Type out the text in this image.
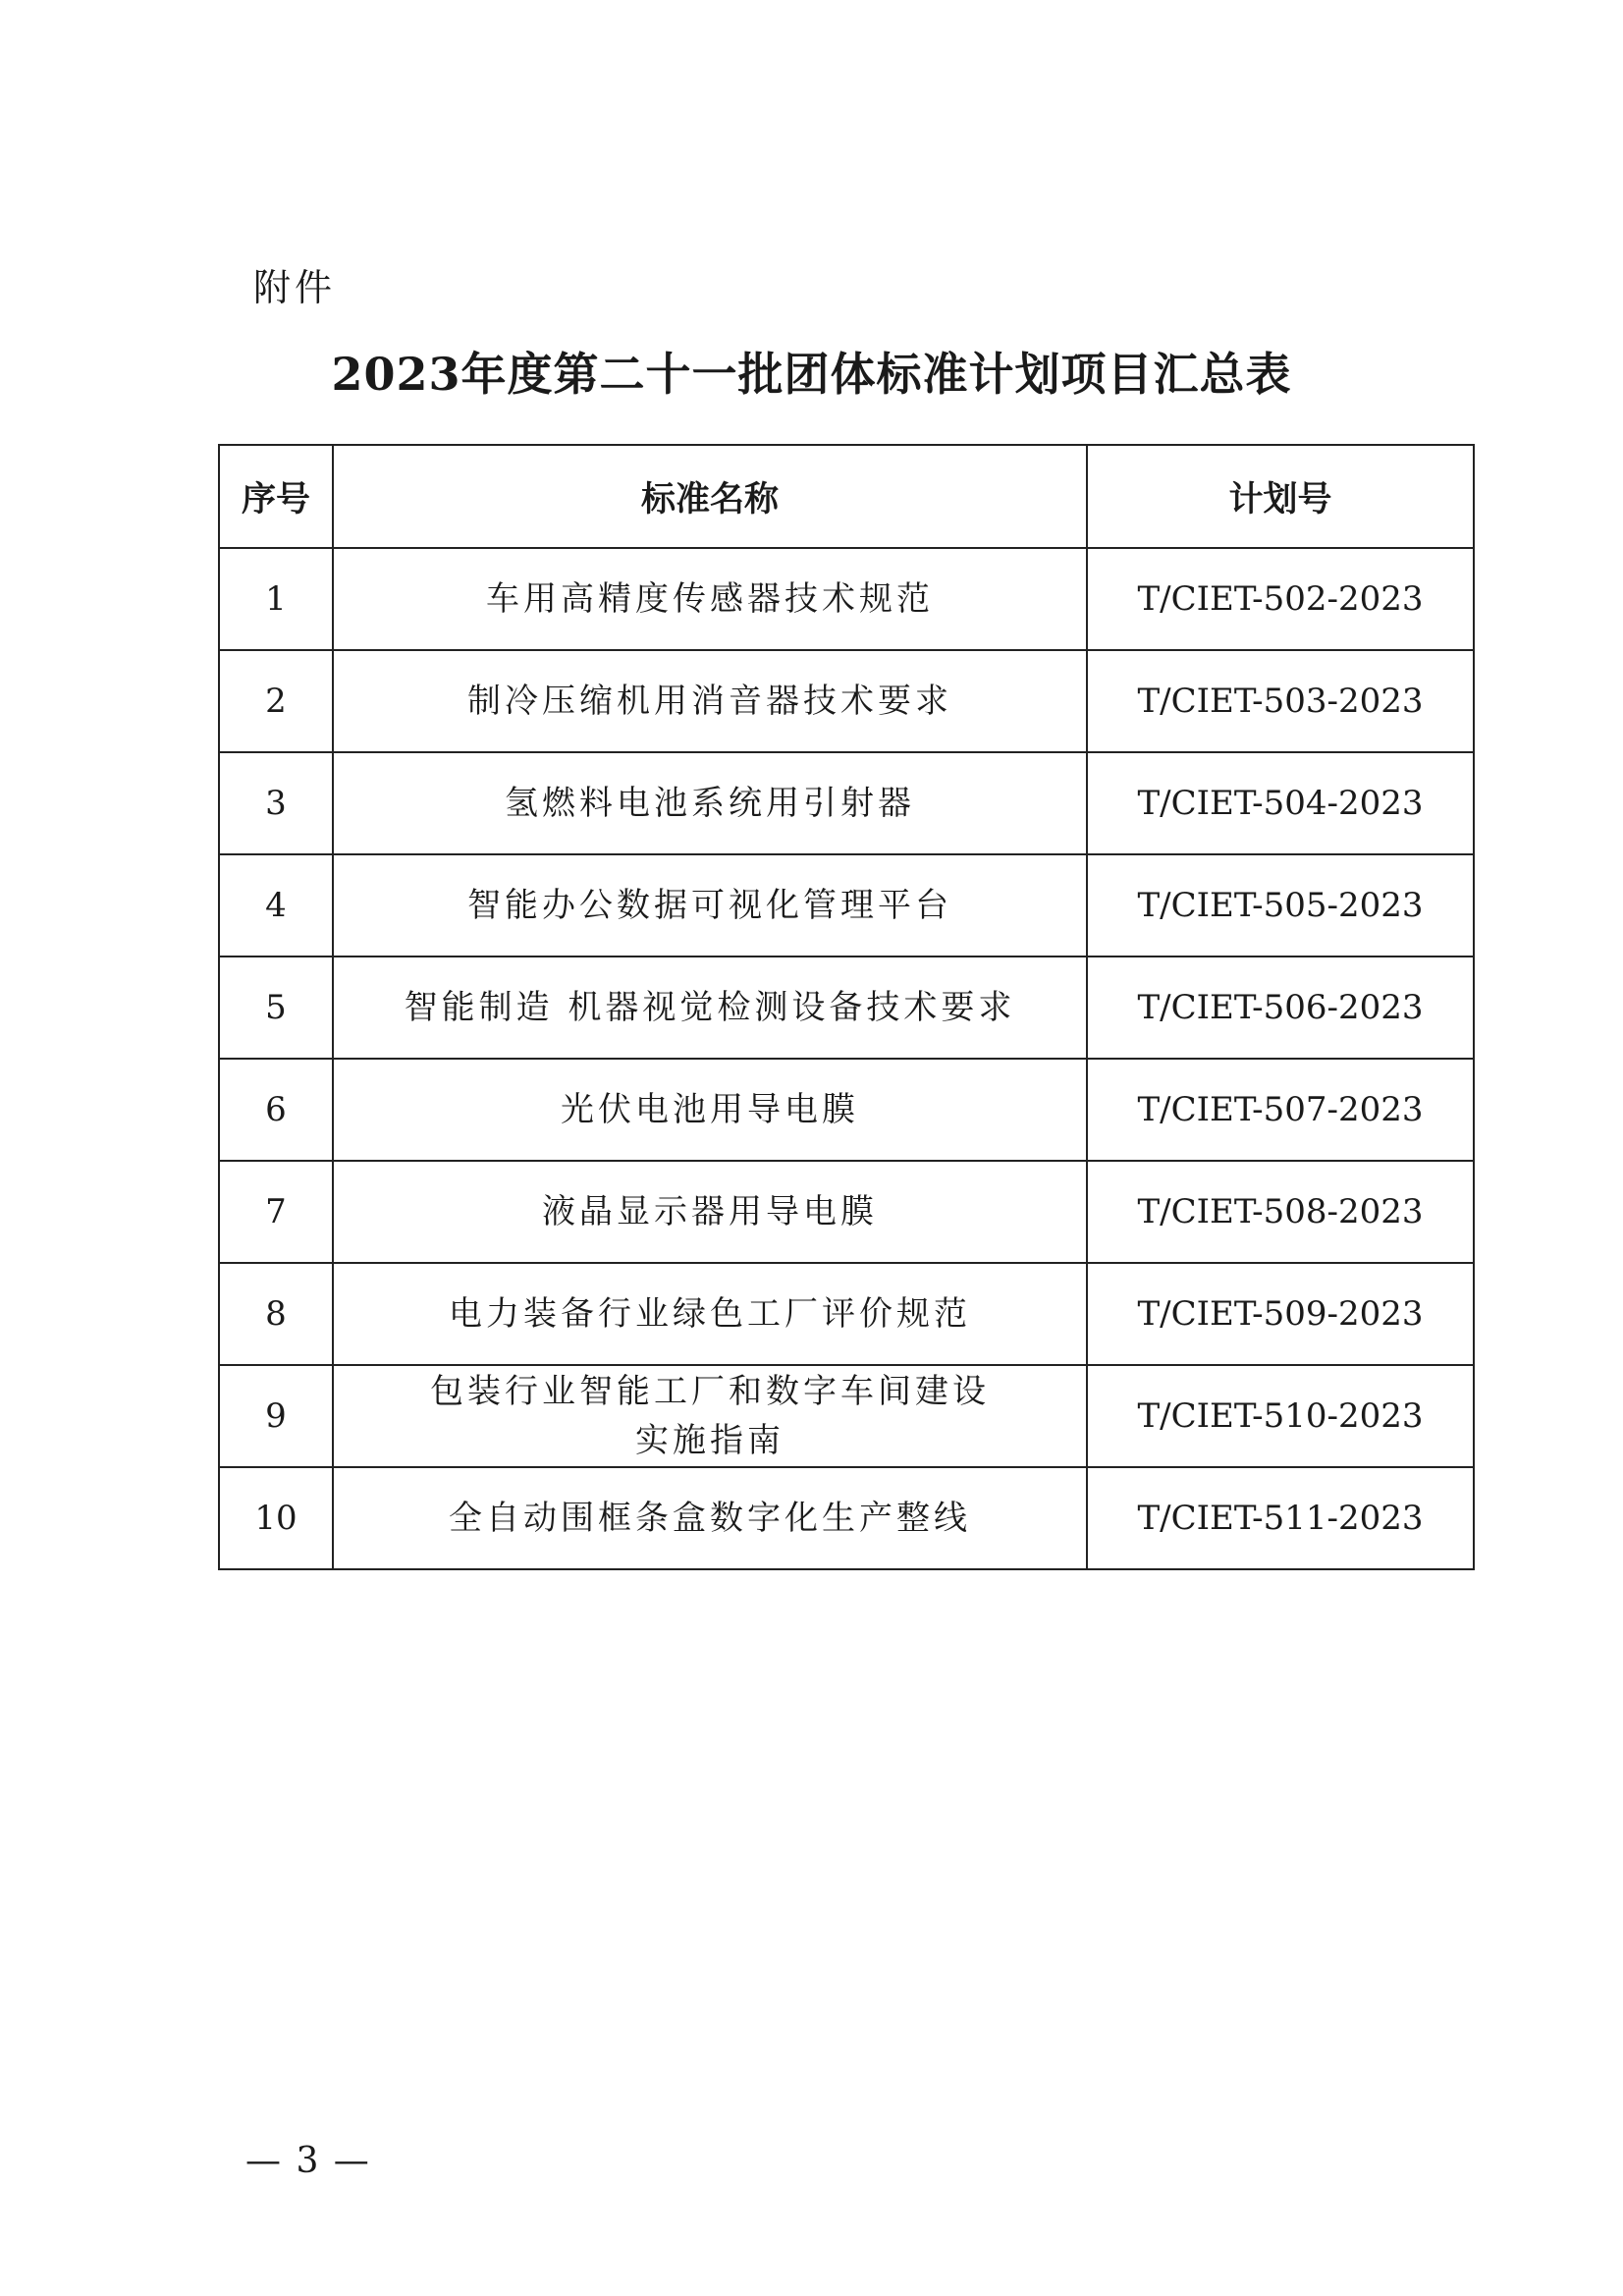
附件
2023年度第二十一批团体标准计划项目汇总表
序号	标准名称	计划号
1	车用高精度传感器技术规范	T/CIET-502-2023
2	制冷压缩机用消音器技术要求	T/CIET-503-2023
3	氢燃料电池系统用引射器	T/CIET-504-2023
4	智能办公数据可视化管理平台	T/CIET-505-2023
5	智能制造 机器视觉检测设备技术要求	T/CIET-506-2023
6	光伏电池用导电膜	T/CIET-507-2023
7	液晶显示器用导电膜	T/CIET-508-2023
8	电力装备行业绿色工厂评价规范	T/CIET-509-2023
9	包装行业智能工厂和数字车间建设
实施指南	T/CIET-510-2023
10	全自动围框条盒数字化生产整线	T/CIET-511-2023
— 3 —
